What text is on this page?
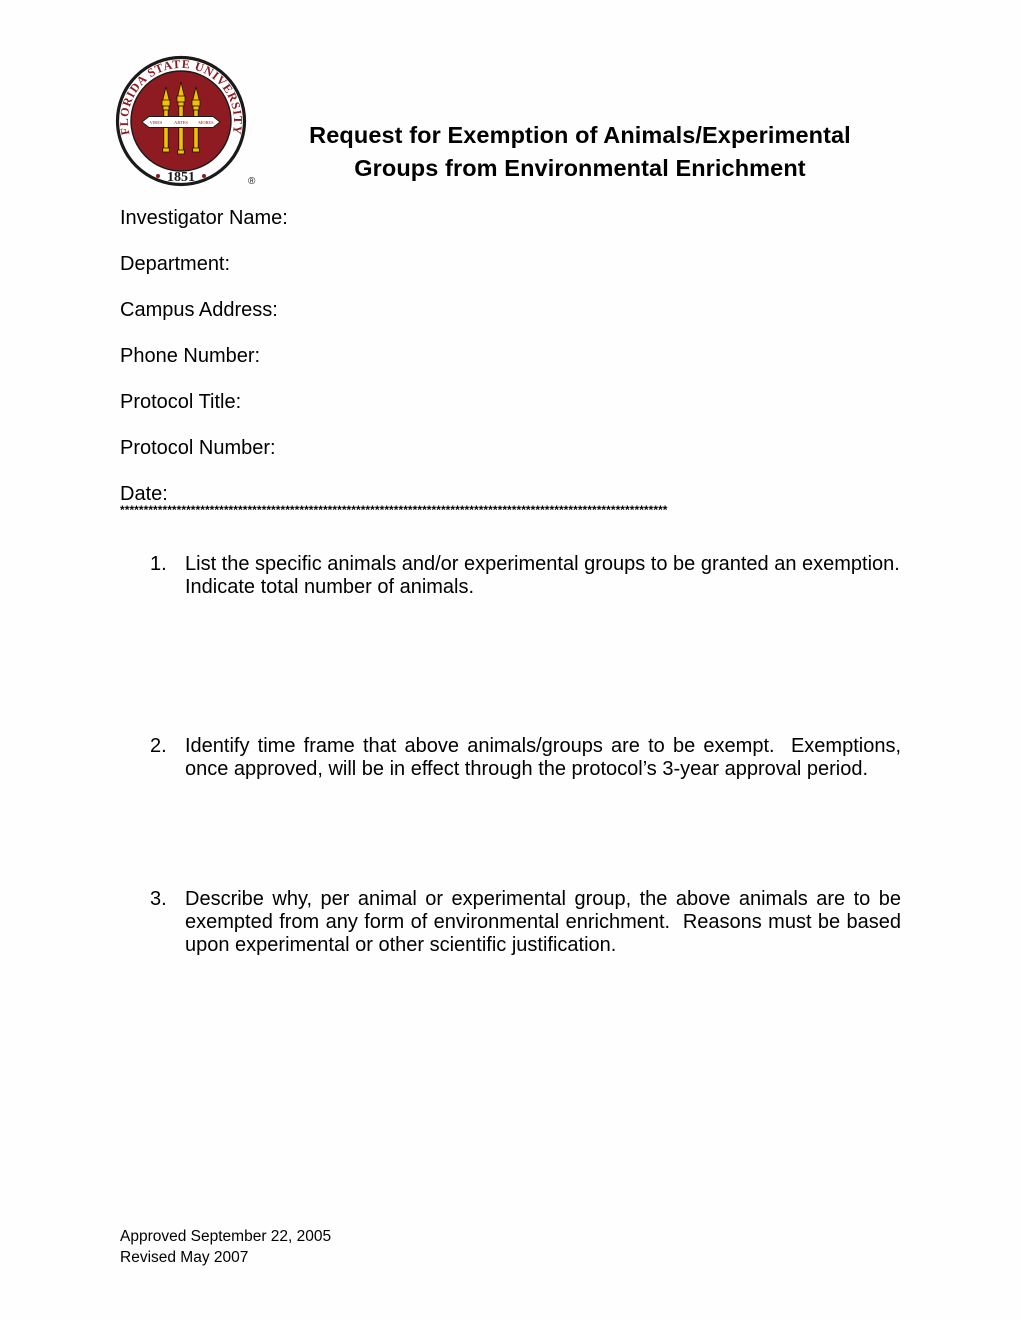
FLORIDA STATE UNIVERSITY
VIRES	ARTES MORES
1851	®
Request for Exemption of Animals/Experimental
Groups from Environmental Enrichment
Investigator Name:
Department:
Campus Address:
Phone Number:
Protocol Title:
Protocol Number:
Date:
********************************************************************************************************************
1. List the specific animals and/or experimental groups to be granted an exemption. Indicate total number of animals.
2. Identify time frame that above animals/groups are to be exempt.  Exemptions, once approved, will be in effect through the protocol’s 3-year approval period.
3. Describe why, per animal or experimental group, the above animals are to be exempted from any form of environmental enrichment.  Reasons must be based upon experimental or other scientific justification.
Approved September 22, 2005
Revised May 2007
